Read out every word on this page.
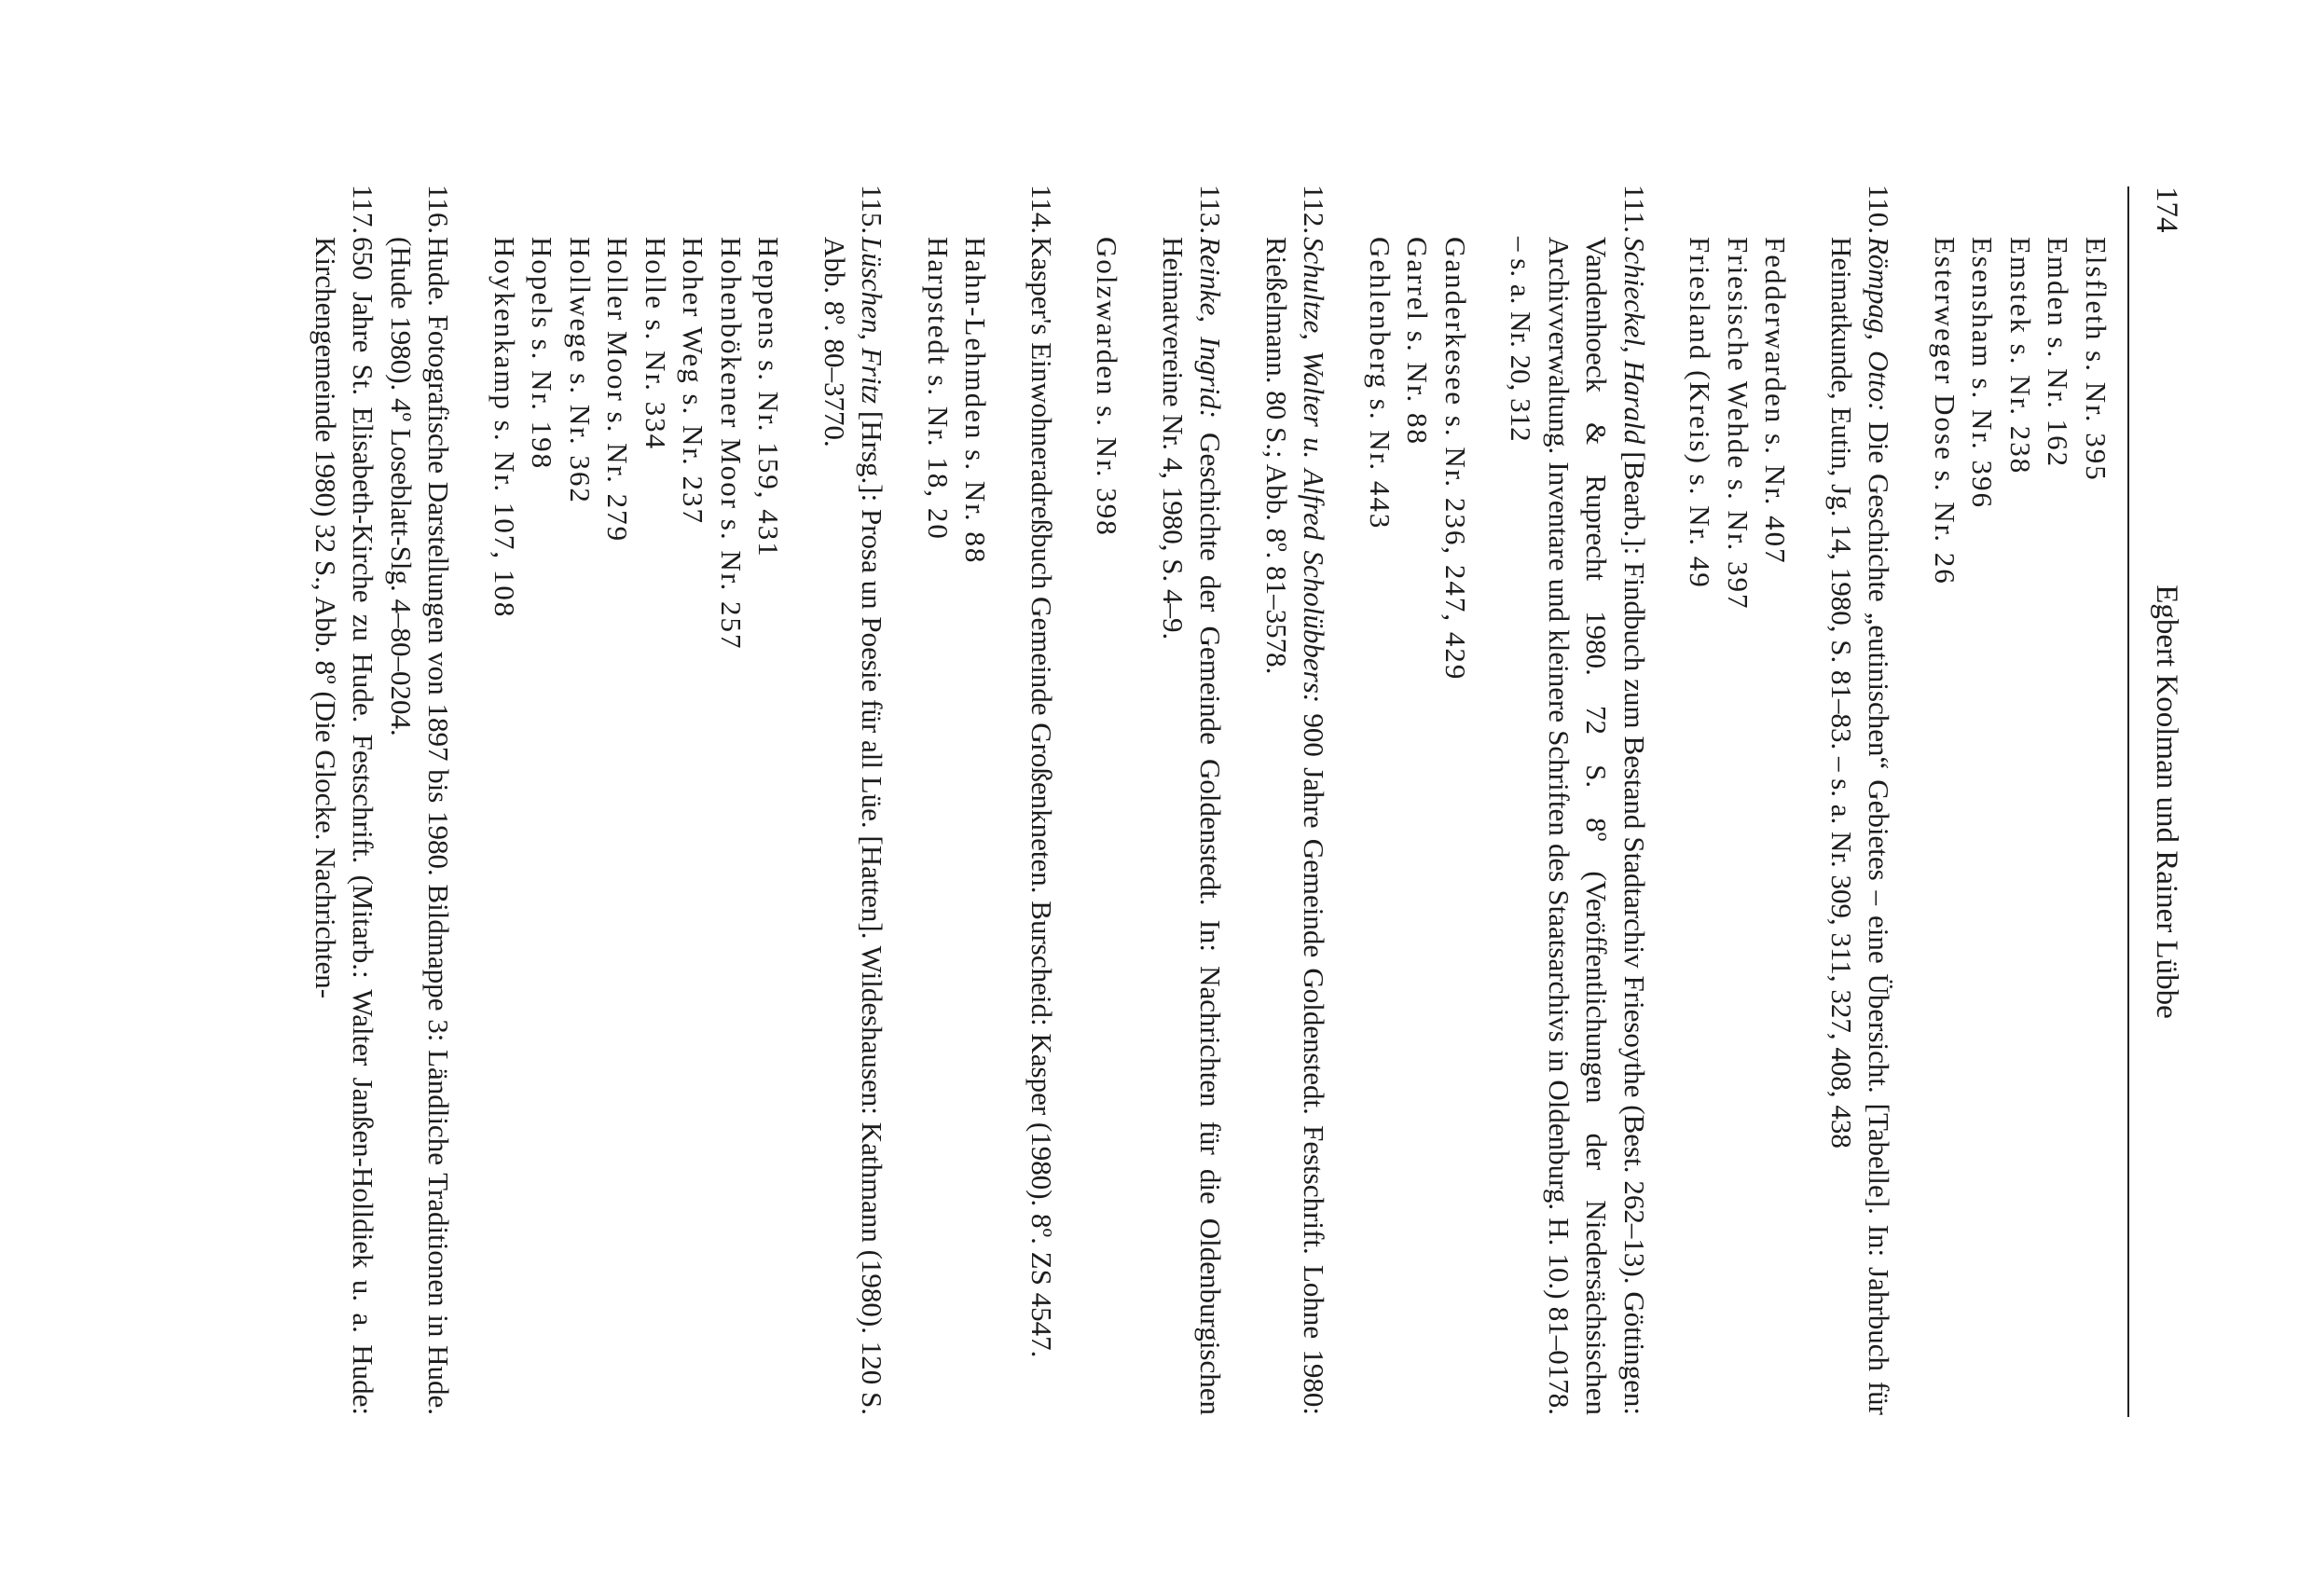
174
Egbert Koolman und Rainer Lübbe
Elsfleth s. Nr. 395
Emden s. Nr. 162
Emstek s. Nr. 238
Esensham s. Nr. 396
Esterweger Dose s. Nr. 26
110.
Römpag, Otto: Die Geschichte „eutinischen“ Gebietes – eine Übersicht. [Tabelle]. In: Jahrbuch für Heimatkunde, Eutin, Jg. 14, 1980, S. 81–83. – s. a. Nr. 309, 311, 327, 408, 438
Fedderwarden s. Nr. 407
Friesische Wehde s. Nr. 397
Friesland (Kreis) s. Nr. 49
111.
Schieckel, Harald [Bearb.]: Findbuch zum Bestand Stadtarchiv Friesoythe (Best. 262–13). Göttingen: Vandenhoeck & Ruprecht 1980. 72 S. 8º (Veröffentlichungen der Niedersächsischen Archivverwaltung. Inventare und kleinere Schriften des Staatsarchivs in Oldenburg. H. 10.) 81–0178. – s. a. Nr. 20, 312
Ganderkesee s. Nr. 236, 247, 429
Garrel s. Nr. 88
Gehlenberg s. Nr. 443
112.
Schultze, Walter u. Alfred Scholübbers: 900 Jahre Gemeinde Goldenstedt. Festschrift. Lohne 1980: Rießelmann. 80 S.; Abb. 8º. 81–3578.
113.
Reinke, Ingrid: Geschichte der Gemeinde Goldenstedt. In: Nachrichten für die Oldenburgischen Heimatvereine Nr. 4, 1980, S. 4–9.
Golzwarden s. Nr. 398
114.
Kasper's Einwohneradreßbuch Gemeinde Großenkneten. Burscheid: Kasper (1980). 8º. ZS 4547.
Hahn-Lehmden s. Nr. 88
Harpstedt s. Nr. 18, 20
115.
Lüschen, Fritz [Hrsg.]: Prosa un Poesie für all Lüe. [Hatten]. Wildeshausen: Kathmann (1980). 120 S. Abb. 8º. 80–3770.
Heppens s. Nr. 159, 431
Hohenbökener Moor s. Nr. 257
Hoher Weg s. Nr. 237
Holle s. Nr. 334
Holler Moor s. Nr. 279
Hollwege s. Nr. 362
Hopels s. Nr. 198
Hoykenkamp s. Nr. 107, 108
116.
Hude. Fotografische Darstellungen von 1897 bis 1980. Bildmappe 3: Ländliche Traditionen in Hude. (Hude 1980). 4º Loseblatt-Slg. 4–80–0204.
117.
650 Jahre St. Elisabeth-Kirche zu Hude. Festschrift. (Mitarb.: Walter Janßen-Holldiek u. a. Hude: Kirchengemeinde 1980) 32 S., Abb. 8º (Die Glocke. Nachrichten-
